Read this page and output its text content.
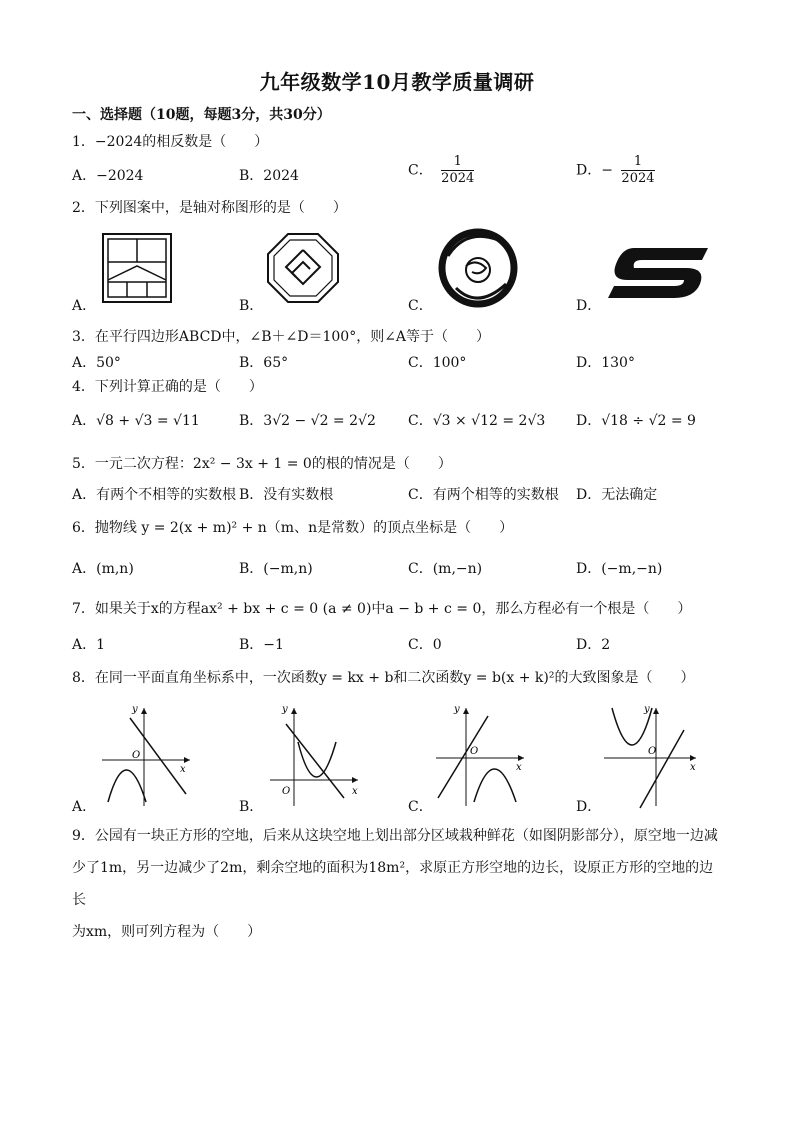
九年级数学10月教学质量调研
一、选择题（10题，每题3分，共30分）
1．−2024的相反数是（　　）
A．−2024	B．2024	C． $\frac{1}{2024}$	D．− $\frac{1}{2024}$
2．下列图案中，是轴对称图形的是（　　）
A．	B．	C．	D．
3．在平行四边形ABCD中，∠B＋∠D＝100°，则∠A等于（　　）
A．50°	B．65°	C．100°	D．130°
4．下列计算正确的是（　　）
A．√8 + √3 = √11	B．3√2 − √2 = 2√2 C．√3 × √12 = 2√3 D．√18 ÷ √2 = 9
5．一元二次方程：2x² − 3x + 1 = 0的根的情况是（　　）
A．有两个不相等的实数根 B．没有实数根	C．有两个相等的实数根 D．无法确定
6．抛物线 y = 2(x + m)² + n（m、n是常数）的顶点坐标是（　　）
A．(m,n)	B．(−m,n)	C．(m,−n)	D．(−m,−n)
7．如果关于x的方程ax² + bx + c = 0 (a ≠ 0)中a − b + c = 0，那么方程必有一个根是（　　）
A．1	B．−1	C．0	D．2
8．在同一平面直角坐标系中，一次函数y = kx + b和二次函数y = b(x + k)²的大致图象是（　　）
y
x
O
y
x
O
y
x
O
y
x
O
A．	B．	C．	D．
9．公园有一块正方形的空地，后来从这块空地上划出部分区域栽种鲜花（如图阴影部分），原空地一边减
少了1m，另一边减少了2m，剩余空地的面积为18m²，求原正方形空地的边长，设原正方形的空地的边长
为xm，则可列方程为（　　）
